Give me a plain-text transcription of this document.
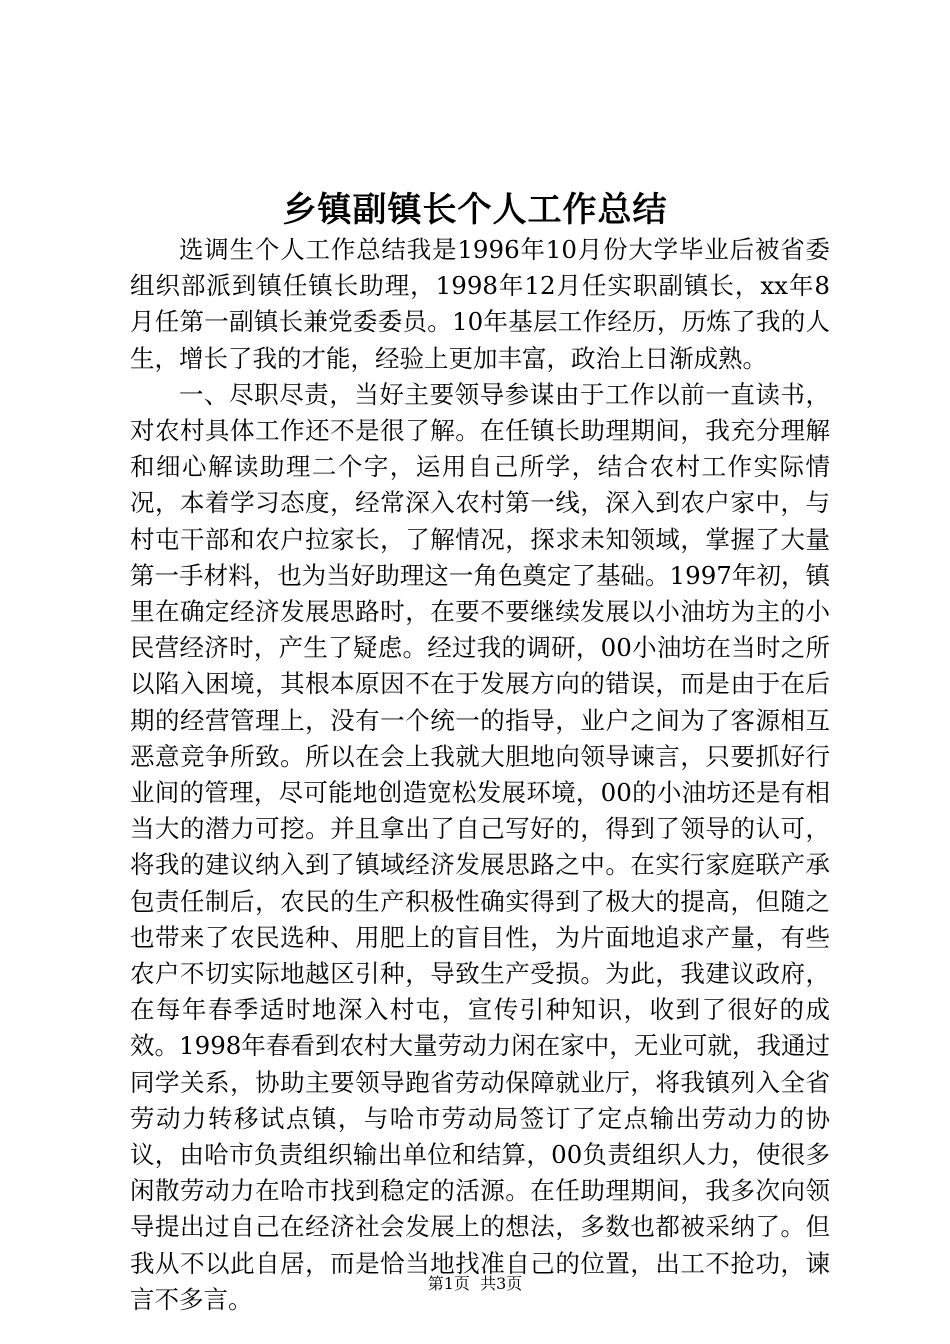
乡镇副镇长个人工作总结

选调生个人工作总结我是1996年10月份大学毕业后被省委组织部派到镇任镇长助理，1998年12月任实职副镇长，xx年8月任第一副镇长兼党委委员。10年基层工作经历，历炼了我的人生，增长了我的才能，经验上更加丰富，政治上日渐成熟。

一、尽职尽责，当好主要领导参谋由于工作以前一直读书，对农村具体工作还不是很了解。在任镇长助理期间，我充分理解和细心解读助理二个字，运用自己所学，结合农村工作实际情况，本着学习态度，经常深入农村第一线，深入到农户家中，与村屯干部和农户拉家长，了解情况，探求未知领域，掌握了大量第一手材料，也为当好助理这一角色奠定了基础。1997年初，镇里在确定经济发展思路时，在要不要继续发展以小油坊为主的小民营经济时，产生了疑虑。经过我的调研，00小油坊在当时之所以陷入困境，其根本原因不在于发展方向的错误，而是由于在后期的经营管理上，没有一个统一的指导，业户之间为了客源相互恶意竞争所致。所以在会上我就大胆地向领导谏言，只要抓好行业间的管理，尽可能地创造宽松发展环境，00的小油坊还是有相当大的潜力可挖。并且拿出了自己写好的，得到了领导的认可，将我的建议纳入到了镇域经济发展思路之中。在实行家庭联产承包责任制后，农民的生产积极性确实得到了极大的提高，但随之也带来了农民选种、用肥上的盲目性，为片面地追求产量，有些农户不切实际地越区引种，导致生产受损。为此，我建议政府，在每年春季适时地深入村屯，宣传引种知识，收到了很好的成效。1998年春看到农村大量劳动力闲在家中，无业可就，我通过同学关系，协助主要领导跑省劳动保障就业厅，将我镇列入全省劳动力转移试点镇，与哈市劳动局签订了定点输出劳动力的协议，由哈市负责组织输出单位和结算，00负责组织人力，使很多闲散劳动力在哈市找到稳定的活源。在任助理期间，我多次向领导提出过自己在经济社会发展上的想法，多数也都被采纳了。但我从不以此自居，而是恰当地找准自己的位置，出工不抢功，谏言不多言。

第1页 共3页
